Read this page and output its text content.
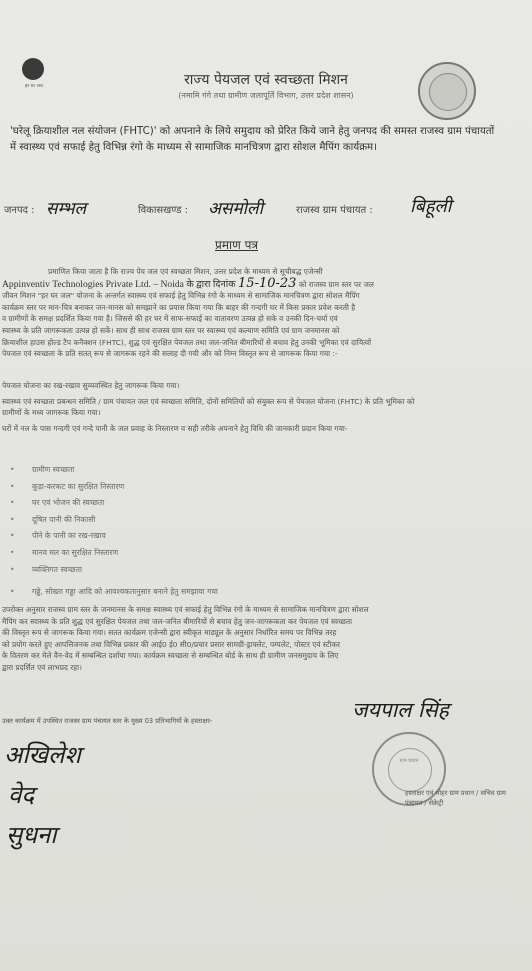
हर घर जल	राज्य पेयजल एवं स्वच्छता मिशन
(नमामि गंगे तथा ग्रामीण जलापूर्ति विभाग, उत्तर प्रदेश शासन)
'घरेलू क्रियाशील नल संयोजन (FHTC)' को अपनाने के लिये समुदाय को प्रेरित किये जाने हेतु जनपद की समस्त राजस्व ग्राम पंचायतों में स्वास्थ्य एवं सफाई हेतु विभिन्न रंगो के माध्यम से सामाजिक मानचित्रण द्वारा सोशल मैपिंग कार्यक्रम।
जनपद : सम्भल	विकासखण्ड : असमोली	राजस्व ग्राम पंचायत : बिहूली
प्रमाण पत्र
प्रमाणित किया जाता है कि राज्य पेय जल एवं स्वच्छता मिशन, उत्तर प्रदेश के माध्यम से सूचीबद्ध एजेन्सी
Appinventiv Technologies Private Ltd. – Noida के द्वारा दिनांक 15-10-23 को राजस्व ग्राम स्तर पर जल
जीवन मिशन "हर घर जल" योजना के अन्तर्गत स्वास्थ्य एवं सफाई हेतु विभिन्न रंगो के माध्यम से सामाजिक मानचित्रण द्वारा सोशल मैपिंग
कार्यक्रम स्तर पर मान-चित्र बनाकर जन-मानस को समझाने का प्रयास किया गया कि बाहर की गन्दगी घर में किस प्रकार प्रवेश करती है
व ग्रामीणों के समक्ष प्रदर्शित किया गया है। जिससे की हर घर में साफ-सफाई का वातावरण उत्पन्न हो सके व उनकी दिन-चर्या एवं
स्वास्थ्य के प्रति जागरूकता उत्पन्न हो सकें। साथ ही साथ राजस्व ग्राम स्तर पर स्वास्थ्य एवं कल्याण समिति एवं ग्राम जनमानस को
क्रियाशील हाउस होल्ड टैप कनैक्शन (FHTC), शुद्ध एवं सुरक्षित पेयजल तथा जल-जनित बीमारियों से बचाव हेतु उनकी भूमिका एवं दायित्वों
पेयजल एवं स्वच्छता के प्रति सतत् रूप से जागरूक रहने की सलाह दी गयी और को निम्न विस्तृत रूप से जागरूक किया गया :-
पेयजल योजना का रख-रखाव सुव्यवस्थित हेतु जागरूक किया गया।
स्वास्थ्य एवं स्वच्छता प्रबन्धन समिति / ग्राम पंचायत जल एवं स्वच्छता समिति, दोनों समितियों को संयुक्त रूप से पेयजल योजना (FHTC) के प्रति भूमिका को
ग्रामीणों के मध्य जागरूक किया गया।
घरों में नल के पास गन्दगी एवं गन्दे पानी के जल प्रवाह के निस्तारण व सही तरीके अपनाने हेतु विधि की जानकारी प्रदान किया गया-
• ग्रामीण स्वच्छता
• कूड़ा-करकट का सुरक्षित निस्तारण
• घर एवं भोजन की स्वच्छता
• दूषित पानी की निकासी
• पीने के पानी का रख-रखाव
• मानव मल का सुरक्षित निस्तारण
• व्यक्तिगत स्वच्छता
• गढ्ढे, सोख्ता गड्ढा आदि को आवश्यकतानुसार बनाने हेतु समझाया गया
उपरोक्त अनुसार राजस्व ग्राम स्तर के जनमानस के समक्ष स्वास्थ्य एवं सफाई हेतु विभिन्न रंगो के माध्यम से सामाजिक मानचित्रण द्वारा सोशल
मैपिंग कर स्वास्थ्य के प्रति शुद्ध एवं सुरक्षित पेयजल तथा जल-जनित बीमारियों से बचाव हेतु जन-जागरूकता कर पेयजल एवं स्वच्छता
की विस्तृत रूप से जागरूक किया गया। सतत कार्यक्रम एजेन्सी द्वारा स्वीकृत माड्यूल के अनुसार निर्धारित समय पर विभिन्न तरह
को प्रयोग करते हुए आपत्तिजनक तथा विभिन्न प्रकार की आई0 ई0 सी0/प्रचार प्रसार सामग्री-ड्राफ्लेट, पम्पलेट, पोस्टर एवं स्टीकर
के वितरण कर मेले वैन-वेद में सम्बन्धित दर्शाया गया। कार्यक्रम स्वच्छता से सम्बन्धित बोर्ड के साथ ही ग्रामीण जनसमुदाय के लिए
द्वारा प्रदर्शित एवं लाभप्रद रहा।
उक्त कार्यक्रम में उपस्थित राजस्व ग्राम पंचायत स्तर के मुख्य 03 प्रतिभागियों के हस्ताक्षर-
अखिलेश
वेद
सुधना
जयपाल सिंह
ग्राम प्रधान
हस्ताक्षर एवं मोहर ग्राम प्रधान / सचिव ग्राम पंचायत / सेक्रेट्री
